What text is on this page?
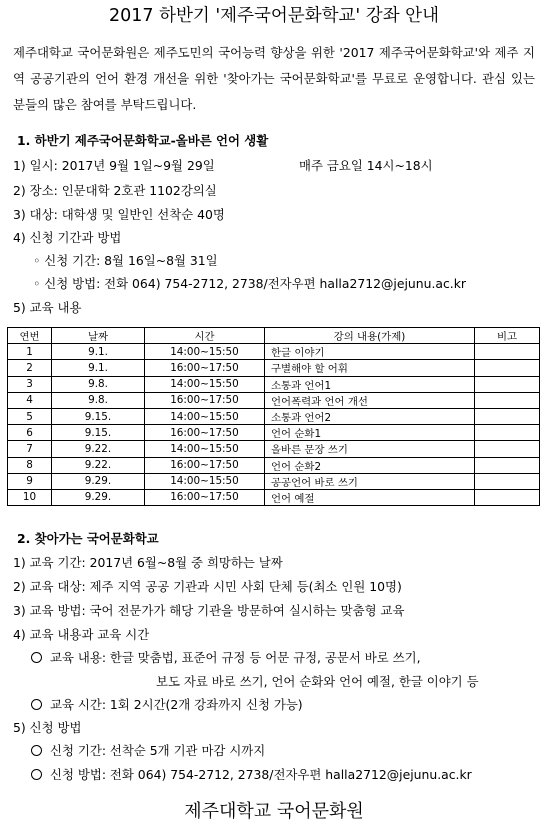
2017 하반기 '제주국어문화학교' 강좌 안내
제주대학교 국어문화원은 제주도민의 국어능력 향상을 위한 '2017 제주국어문화학교'와 제주 지역 공공기관의 언어 환경 개선을 위한 '찾아가는 국어문화학교'를 무료로 운영합니다. 관심 있는 분들의 많은 참여를 부탁드립니다.
1. 하반기 제주국어문화학교-올바른 언어 생활
1) 일시: 2017년 9월 1일~9월 29일	매주 금요일 14시~18시
2) 장소: 인문대학 2호관 1102강의실
3) 대상: 대학생 및 일반인 선착순 40명
4) 신청 기간과 방법
◦ 신청 기간: 8월 16일~8월 31일
◦ 신청 방법: 전화 064) 754-2712, 2738/전자우편 halla2712@jejunu.ac.kr
5) 교육 내용
연번	날짜	시간	강의 내용(가제)	비고
1	9.1.	14:00~15:50	한글 이야기	
2	9.1.	16:00~17:50	구별해야 할 어휘	
3	9.8.	14:00~15:50	소통과 언어1	
4	9.8.	16:00~17:50	언어폭력과 언어 개선	
5	9.15.	14:00~15:50	소통과 언어2	
6	9.15.	16:00~17:50	언어 순화1	
7	9.22.	14:00~15:50	올바른 문장 쓰기	
8	9.22.	16:00~17:50	언어 순화2	
9	9.29.	14:00~15:50	공공언어 바로 쓰기	
10	9.29.	16:00~17:50	언어 예절	
2. 찾아가는 국어문화학교
1) 교육 기간: 2017년 6월~8월 중 희망하는 날짜
2) 교육 대상: 제주 지역 공공 기관과 시민 사회 단체 등(최소 인원 10명)
3) 교육 방법: 국어 전문가가 해당 기관을 방문하여 실시하는 맞춤형 교육
4) 교육 내용과 교육 시간
교육 내용: 한글 맞춤법, 표준어 규정 등 어문 규정, 공문서 바로 쓰기,
보도 자료 바로 쓰기, 언어 순화와 언어 예절, 한글 이야기 등
교육 시간: 1회 2시간(2개 강좌까지 신청 가능)
5) 신청 방법
신청 기간: 선착순 5개 기관 마감 시까지
신청 방법: 전화 064) 754-2712, 2738/전자우편 halla2712@jejunu.ac.kr
제주대학교 국어문화원
